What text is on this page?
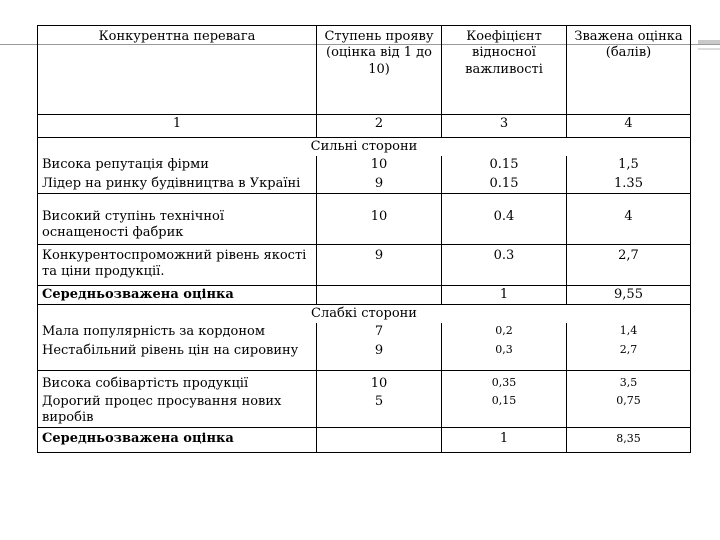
Конкурентна перевага	Ступень прояву (оцінка від 1 до 10)	Коефіцієнт відносної важливості	Зважена оцінка (балів)
1	2	3	4
Сильні сторони			
Висока репутація фірми	10	0.15	1,5
Лідер на ринку будівництва в Україні	9	0.15	1.35

Високий ступінь технічної оснащеності фабрик	10	0.4	4
Конкурентоспроможний рівень якості та ціни продукції.	9	0.3	2,7
Середньозважена оцінка		1	9,55
Слабкі сторони			
Мала популярність за кордоном	7	0,2	1,4
Нестабільний рівень цін на сировину	9	0,3	2,7
Висока собівартість продукції	10	0,35	3,5
Дорогий процес просування нових виробів	5	0,15	0,75
Середньозважена оцінка		1	8,35
